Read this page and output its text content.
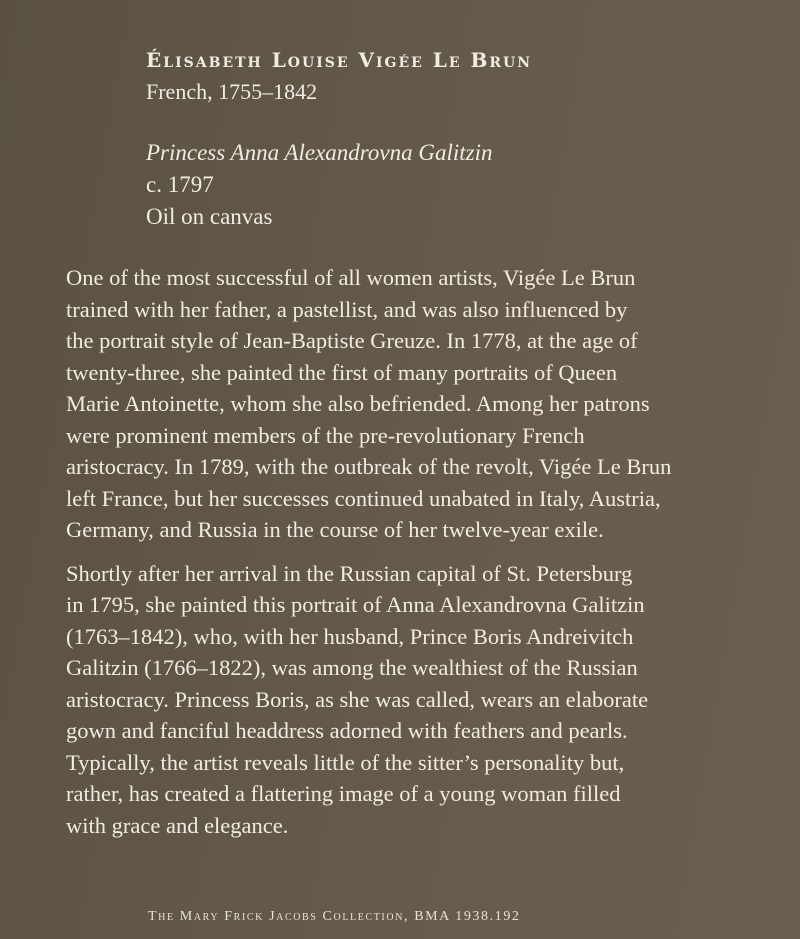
Élisabeth Louise Vigée Le Brun
French, 1755–1842
Princess Anna Alexandrovna Galitzin
c. 1797
Oil on canvas
One of the most successful of all women artists, Vigée Le Brun
trained with her father, a pastellist, and was also influenced by
the portrait style of Jean-Baptiste Greuze. In 1778, at the age of
twenty-three, she painted the first of many portraits of Queen
Marie Antoinette, whom she also befriended. Among her patrons
were prominent members of the pre-revolutionary French
aristocracy. In 1789, with the outbreak of the revolt, Vigée Le Brun
left France, but her successes continued unabated in Italy, Austria,
Germany, and Russia in the course of her twelve-year exile.
Shortly after her arrival in the Russian capital of St. Petersburg
in 1795, she painted this portrait of Anna Alexandrovna Galitzin
(1763–1842), who, with her husband, Prince Boris Andreivitch
Galitzin (1766–1822), was among the wealthiest of the Russian
aristocracy. Princess Boris, as she was called, wears an elaborate
gown and fanciful headdress adorned with feathers and pearls.
Typically, the artist reveals little of the sitter’s personality but,
rather, has created a flattering image of a young woman filled
with grace and elegance.
The Mary Frick Jacobs Collection, BMA 1938.192
